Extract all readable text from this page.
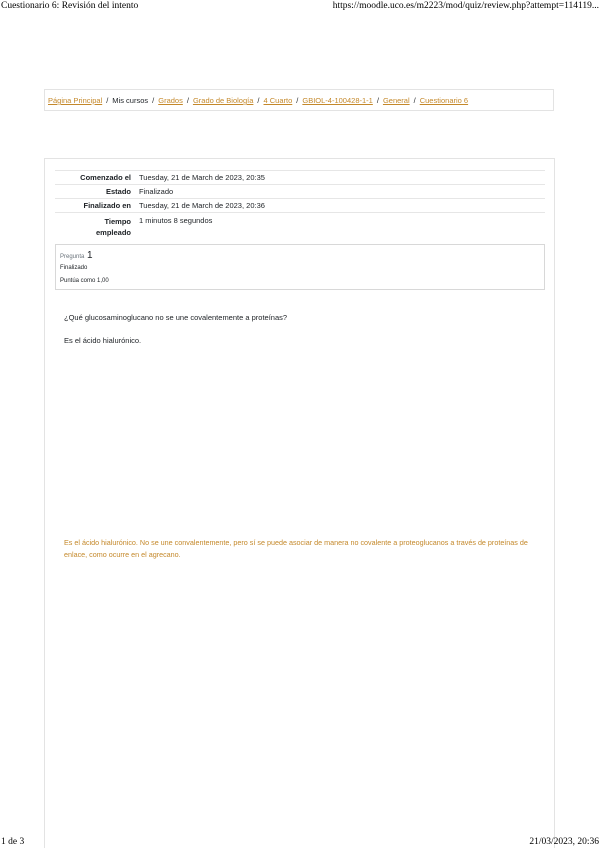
Cuestionario 6: Revisión del intento	https://moodle.uco.es/m2223/mod/quiz/review.php?attempt=114119...
Página Principal / Mis cursos / Grados / Grado de Biología / 4 Cuarto / GBIOL-4-100428-1-1 / General / Cuestionario 6
Comenzado el Tuesday, 21 de March de 2023, 20:35
Estado Finalizado
Finalizado en Tuesday, 21 de March de 2023, 20:36
Tiempo
empleado
1 minutos 8 segundos
Pregunta 1
Finalizado
Puntúa como 1,00
¿Qué glucosaminoglucano no se une covalentemente a proteínas?
Es el ácido hialurónico.
Es el ácido hialurónico. No se une convalentemente, pero sí se puede asociar de manera no covalente a proteoglucanos a través de proteínas de enlace, como ocurre en el agrecano.
1 de 3	21/03/2023, 20:36
